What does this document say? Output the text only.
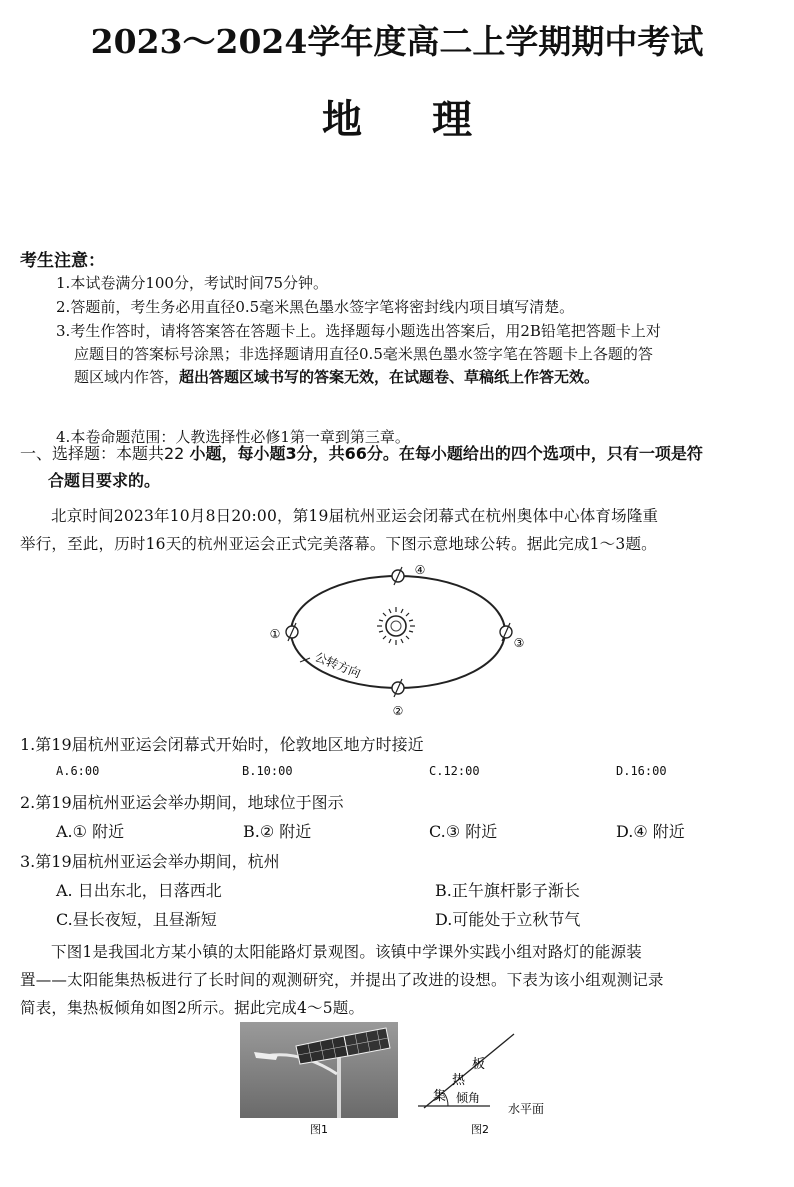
2023～2024学年度高二上学期期中考试
地理
考生注意：
1.本试卷满分100分，考试时间75分钟。
2.答题前，考生务必用直径0.5毫米黑色墨水签字笔将密封线内项目填写清楚。
3.考生作答时，请将答案答在答题卡上。选择题每小题选出答案后，用2B铅笔把答题卡上对
应题目的答案标号涂黑；非选择题请用直径0.5毫米黑色墨水签字笔在答题卡上各题的答
题区域内作答，超出答题区域书写的答案无效，在试题卷、草稿纸上作答无效。
4.本卷命题范围：人教选择性必修1第一章到第三章。
一、选择题：本题共22 小题，每小题3分，共66分。在每小题给出的四个选项中，只有一项是符
合题目要求的。
北京时间2023年10月8日20:00，第19届杭州亚运会闭幕式在杭州奥体中心体育场隆重
举行，至此，历时16天的杭州亚运会正式完美落幕。下图示意地球公转。据此完成1～3题。
④
①
③
②
公转方向
1.第19届杭州亚运会闭幕式开始时，伦敦地区地方时接近
A.6:00	B.10:00	C.12:00	D.16:00
2.第19届杭州亚运会举办期间，地球位于图示
A.① 附近	B.② 附近	C.③ 附近	D.④ 附近
3.第19届杭州亚运会举办期间，杭州
A. 日出东北，日落西北	B.正午旗杆影子渐长
C.昼长夜短，且昼渐短	D.可能处于立秋节气
下图1是我国北方某小镇的太阳能路灯景观图。该镇中学课外实践小组对路灯的能源装
置——太阳能集热板进行了长时间的观测研究，并提出了改进的设想。下表为该小组观测记录
简表，集热板倾角如图2所示。据此完成4～5题。
图1
集
热
板
倾角
水平面
图2
